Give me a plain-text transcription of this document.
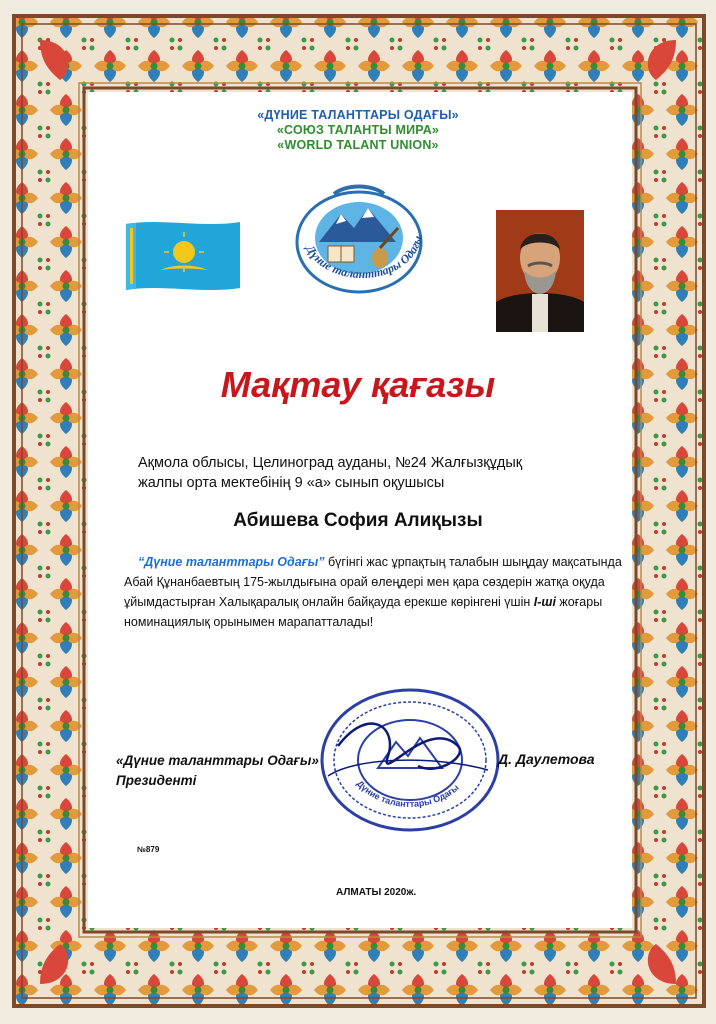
«ДҮНИЕ ТАЛАНТТАРЫ ОДАҒЫ»
«СОЮЗ ТАЛАНТЫ МИРА»
«WORLD TALANT UNION»
Дүние таланттары Одағы
Мақтау қағазы
Ақмола облысы, Целиноград ауданы, №24 Жалғызқұдық
жалпы орта мектебінің 9 «а» сынып оқушысы
Абишева София Алиқызы
“Дүние таланттары Одағы” бүгінгі жас ұрпақтың талабын шыңдау мақсатында
Абай Құнанбаевтың 175-жылдығына орай өлеңдері мен қара сөздерін жатқа оқуда
ұйымдастырған Халықаралық онлайн байқауда ерекше көрінгені үшін I-ші жоғары
номинациялық орынымен марапатталады!
Дүние таланттары Одағы
«Дүние таланттары Одағы»
Президенті
Д. Даулетова
№879
АЛМАТЫ 2020ж.
